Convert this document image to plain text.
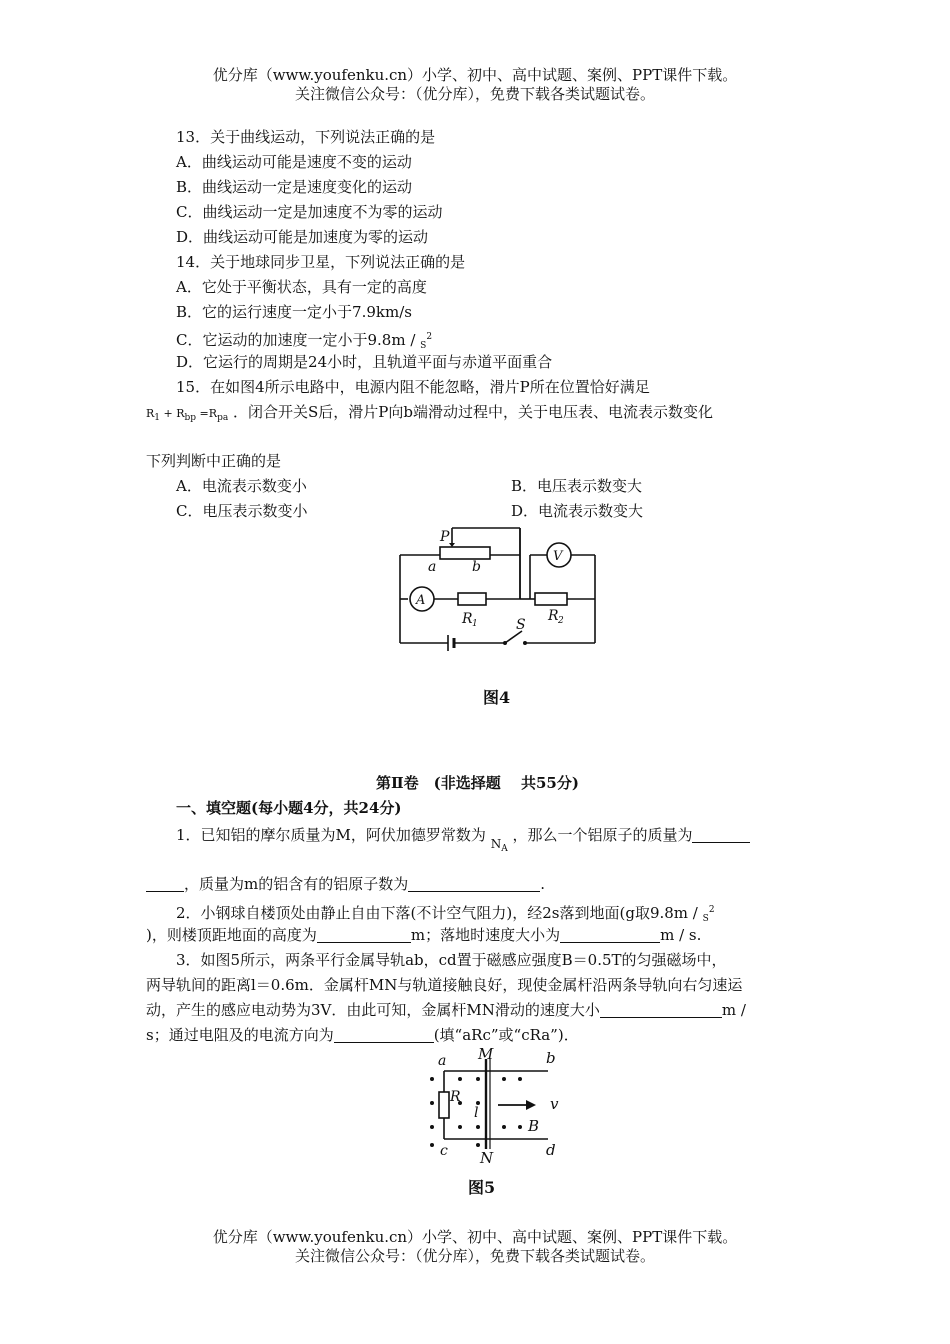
优分库（www.youfenku.cn）小学、初中、高中试题、案例、PPT课件下载。
关注微信公众号：（优分库），免费下载各类试题试卷。
13．关于曲线运动，下列说法正确的是
A．曲线运动可能是速度不变的运动
B．曲线运动一定是速度变化的运动
C．曲线运动一定是加速度不为零的运动
D．曲线运动可能是加速度为零的运动
14．关于地球同步卫星，下列说法正确的是
A．它处于平衡状态，具有一定的高度
B．它的运行速度一定小于7.9km/s
C．它运动的加速度一定小于9.8m / $_S^2$
D．它运行的周期是24小时，且轨道平面与赤道平面重合
15．在如图4所示电路中，电源内阻不能忽略，滑片P所在位置恰好满足
$R_1 + R_{bp} =R_{pa}$ ．闭合开关S后，滑片P向b端滑动过程中，关于电压表、电流表示数变化
下列判断中正确的是
A．电流表示数变小	B．电压表示数变大
C．电压表示数变小	D．电流表示数变大
P
a	b
A
V
R 1	R 2
S
图4
第Ⅱ卷　(非选择题　 共55分)
一、填空题(每小题4分，共24分)
1．已知铝的摩尔质量为M，阿伏加德罗常数为 $_{NA}$ ，那么一个铝原子的质量为
，质量为m的铝含有的铝原子数为	.
2．小钢球自楼顶处由静止自由下落(不计空气阻力)，经2s落到地面(g取9.8m / $_S^2$
)，则楼顶距地面的高度为	m；落地时速度大小为	m / s.
3．如图5所示，两条平行金属导轨ab，cd置于磁感应强度B＝0.5T的匀强磁场中，
两导轨间的距离l＝0.6m．金属杆MN与轨道接触良好，现使金属杆沿两条导轨向右匀速运
动，产生的感应电动势为3V．由此可知，金属杆MN滑动的速度大小	m /
s；通过电阻及的电流方向为	(填“aRc”或“cRa”)．
a M	b
R
l	v
B
c N	d
图5
优分库（www.youfenku.cn）小学、初中、高中试题、案例、PPT课件下载。
关注微信公众号：（优分库），免费下载各类试题试卷。
